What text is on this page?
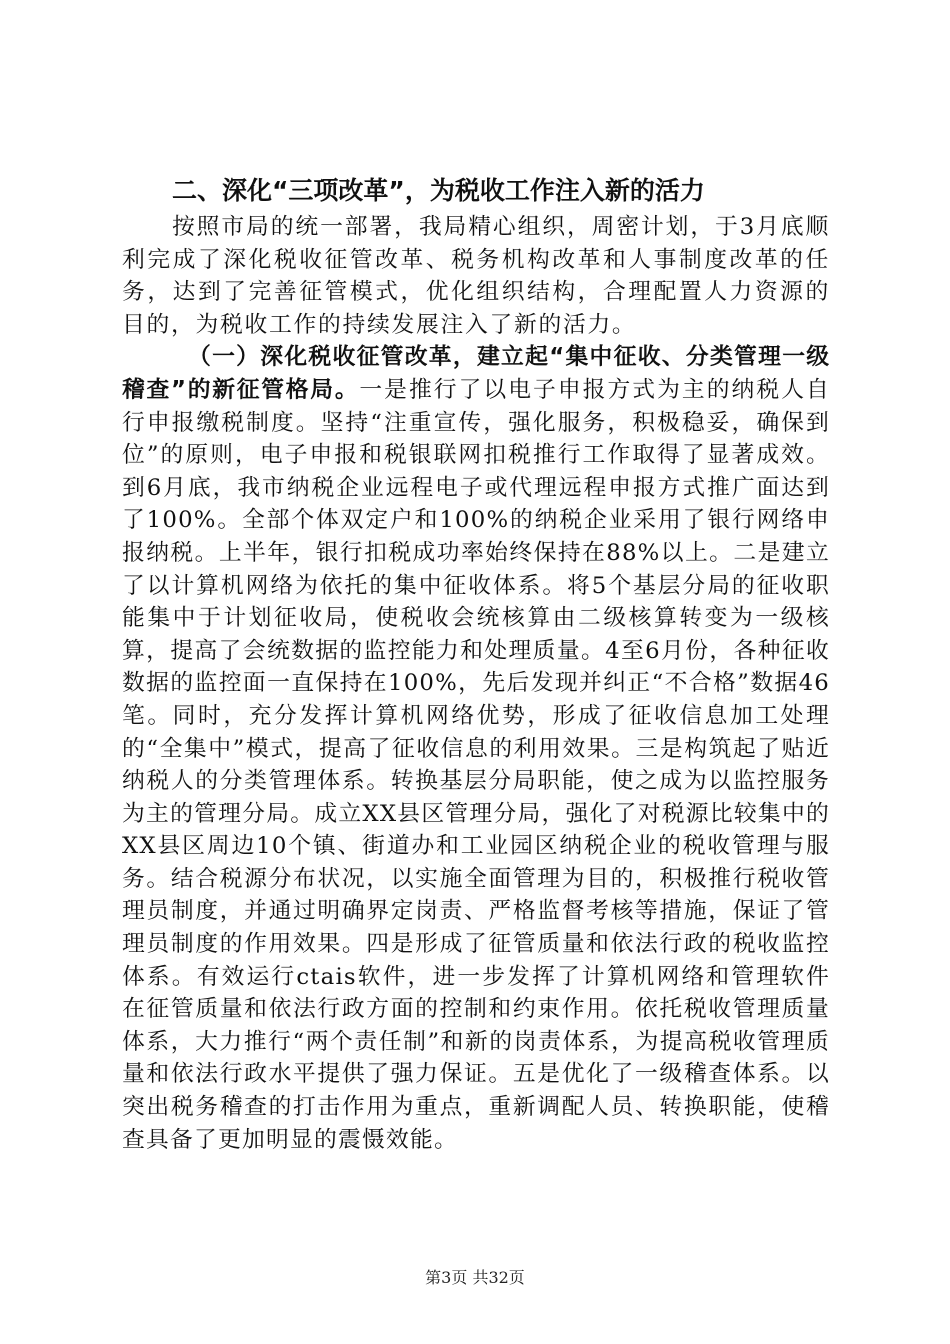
二、深化“三项改革”，为税收工作注入新的活力

按照市局的统一部署，我局精心组织，周密计划，于3月底顺利完成了深化税收征管改革、税务机构改革和人事制度改革的任务，达到了完善征管模式，优化组织结构，合理配置人力资源的目的，为税收工作的持续发展注入了新的活力。

（一）深化税收征管改革，建立起“集中征收、分类管理一级稽查”的新征管格局。一是推行了以电子申报方式为主的纳税人自行申报缴税制度。坚持“注重宣传，强化服务，积极稳妥，确保到位”的原则，电子申报和税银联网扣税推行工作取得了显著成效。到6月底，我市纳税企业远程电子或代理远程申报方式推广面达到了100%。全部个体双定户和100%的纳税企业采用了银行网络申报纳税。上半年，银行扣税成功率始终保持在88%以上。二是建立了以计算机网络为依托的集中征收体系。将5个基层分局的征收职能集中于计划征收局，使税收会统核算由二级核算转变为一级核算，提高了会统数据的监控能力和处理质量。4至6月份，各种征收数据的监控面一直保持在100%，先后发现并纠正“不合格”数据46笔。同时，充分发挥计算机网络优势，形成了征收信息加工处理的“全集中”模式，提高了征收信息的利用效果。三是构筑起了贴近纳税人的分类管理体系。转换基层分局职能，使之成为以监控服务为主的管理分局。成立XX县区管理分局，强化了对税源比较集中的XX县区周边10个镇、街道办和工业园区纳税企业的税收管理与服务。结合税源分布状况，以实施全面管理为目的，积极推行税收管理员制度，并通过明确界定岗责、严格监督考核等措施，保证了管理员制度的作用效果。四是形成了征管质量和依法行政的税收监控体系。有效运行ctais软件，进一步发挥了计算机网络和管理软件在征管质量和依法行政方面的控制和约束作用。依托税收管理质量体系，大力推行“两个责任制”和新的岗责体系，为提高税收管理质量和依法行政水平提供了强力保证。五是优化了一级稽查体系。以突出税务稽查的打击作用为重点，重新调配人员、转换职能，使稽查具备了更加明显的震慑效能。

第3页 共32页
